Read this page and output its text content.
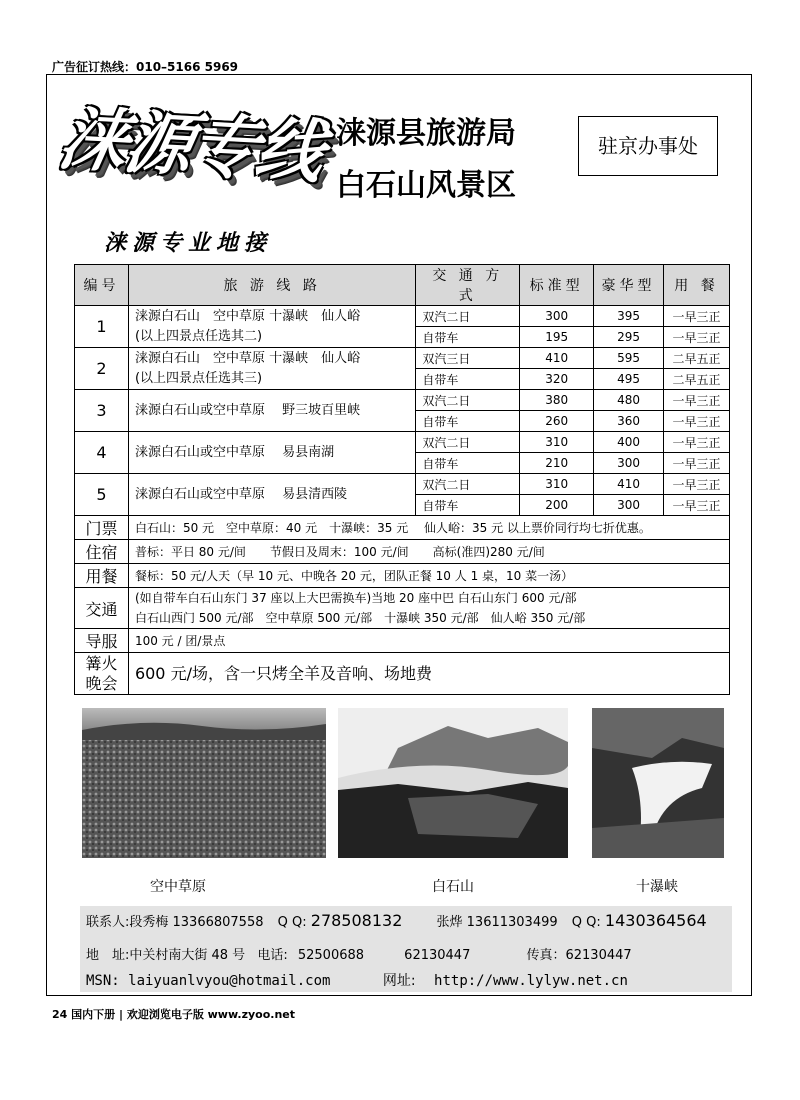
广告征订热线：010–5166 5969
涞源专线 涞源县旅游局
白石山风景区
驻京办事处
涞源专业地接
编号	旅 游 线 路	交 通 方 式	标准型	豪华型	用 餐
1	涞源白石山　空中草原 十瀑峡　仙人峪
(以上四景点任选其二)	双汽二日	300	395	一早三正
		自带车	195	295	一早三正
2	涞源白石山　空中草原 十瀑峡　仙人峪
(以上四景点任选其三)	双汽三日	410	595	二早五正
		自带车	320	495	二早五正
3	涞源白石山或空中草原　 野三坡百里峡	双汽二日	380	480	一早三正
		自带车	260	360	一早三正
4	涞源白石山或空中草原　 易县南湖	双汽二日	310	400	一早三正
		自带车	210	300	一早三正
5	涞源白石山或空中草原　 易县清西陵	双汽二日	310	410	一早三正
		自带车	200	300	一早三正
门票	白石山：50 元　空中草原：40 元　十瀑峡：35 元　 仙人峪：35 元 以上票价同行均七折优惠。				

住宿	普标：平日 80 元/间　　节假日及周末：100 元/间　　高标(准四)280 元/间				

用餐	餐标：50 元/人天（早 10 元、中晚各 20 元，团队正餐 10 人 1 桌，10 菜一汤）				

交通	(如自带车白石山东门 37 座以上大巴需换车)当地 20 座中巴 白石山东门 600 元/部
白石山西门 500 元/部　空中草原 500 元/部　十瀑峡 350 元/部　仙人峪 350 元/部				

导服	100 元 / 团/景点				

篝火
晚会	600 元/场，含一只烤全羊及音响、场地费				
空中草原	白石山	十瀑峡
联系人:段秀梅 13366807558 Q Q: 278508132	张烨 13611303499 Q Q: 1430364564
地　址:中关村南大街 48 号 电话: 52500688	62130447	传真：62130447
MSN: laiyuanlvyou@hotmail.com	网址: http://www.lylyw.net.cn
24 国内下册 | 欢迎浏览电子版 www.zyoo.net
